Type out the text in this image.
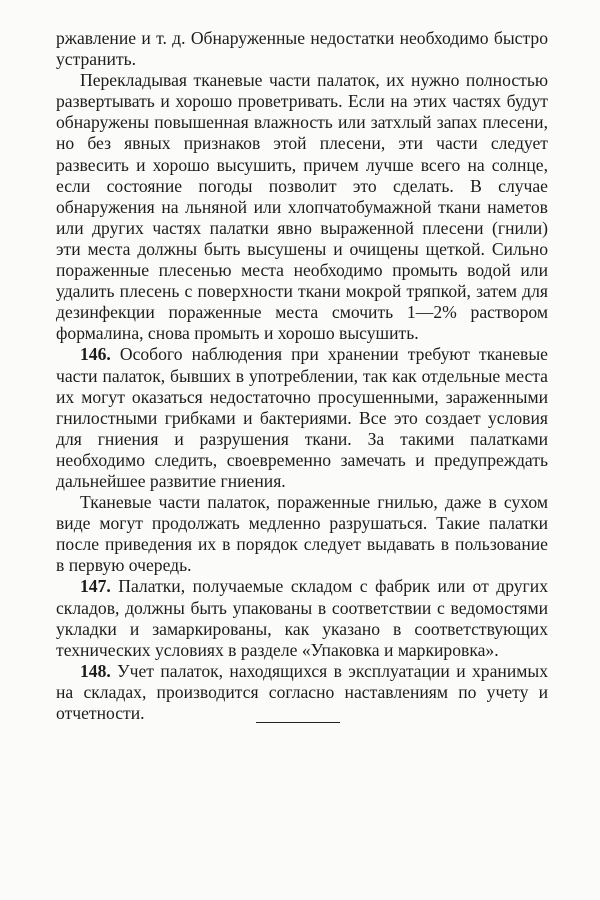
ржавление и т. д. Обнаруженные недостатки необходимо быстро устранить.

Перекладывая тканевые части палаток, их нужно полностью развертывать и хорошо проветривать. Если на этих частях будут обнаружены повышенная влажность или затхлый запах плесени, но без явных признаков этой плесени, эти части следует развесить и хорошо высушить, причем лучше всего на солнце, если состояние погоды позволит это сделать. В случае обнаружения на льняной или хлопчатобумажной ткани наметов или других частях палатки явно выраженной плесени (гнили) эти места должны быть высушены и очищены щеткой. Сильно пораженные плесенью места необходимо промыть водой или удалить плесень с поверхности ткани мокрой тряпкой, затем для дезинфекции пораженные места смочить 1—2% раствором формалина, снова промыть и хорошо высушить.

146. Особого наблюдения при хранении требуют тканевые части палаток, бывших в употреблении, так как отдельные места их могут оказаться недостаточно просушенными, зараженными гнилостными грибками и бактериями. Все это создает условия для гниения и разрушения ткани. За такими палатками необходимо следить, своевременно замечать и предупреждать дальнейшее развитие гниения.

Тканевые части палаток, пораженные гнилью, даже в сухом виде могут продолжать медленно разрушаться. Такие палатки после приведения их в порядок следует выдавать в пользование в первую очередь.

147. Палатки, получаемые складом с фабрик или от других складов, должны быть упакованы в соответствии с ведомостями укладки и замаркированы, как указано в соответствующих технических условиях в разделе «Упаковка и маркировка».

148. Учет палаток, находящихся в эксплуатации и хранимых на складах, производится согласно наставлениям по учету и отчетности.
